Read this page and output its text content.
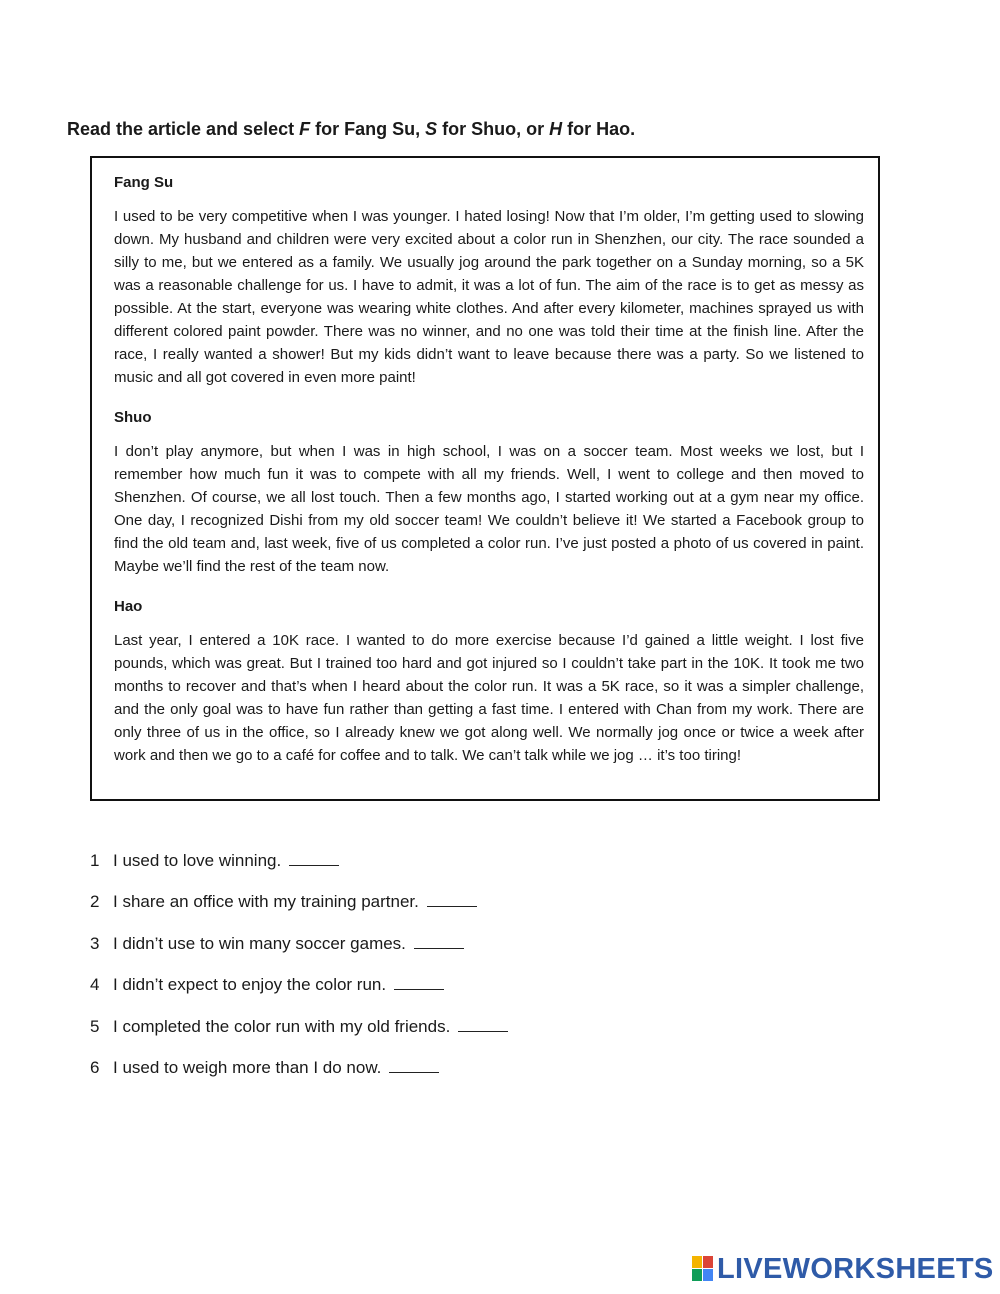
Read the article and select F for Fang Su, S for Shuo, or H for Hao.

Fang Su

I used to be very competitive when I was younger. I hated losing! Now that I’m older, I’m getting used to slowing down. My husband and children were very excited about a color run in Shenzhen, our city. The race sounded a silly to me, but we entered as a family. We usually jog around the park together on a Sunday morning, so a 5K was a reasonable challenge for us. I have to admit, it was a lot of fun. The aim of the race is to get as messy as possible. At the start, everyone was wearing white clothes. And after every kilometer, machines sprayed us with different colored paint powder. There was no winner, and no one was told their time at the finish line. After the race, I really wanted a shower! But my kids didn’t want to leave because there was a party. So we listened to music and all got covered in even more paint!

Shuo

I don’t play anymore, but when I was in high school, I was on a soccer team. Most weeks we lost, but I remember how much fun it was to compete with all my friends. Well, I went to college and then moved to Shenzhen. Of course, we all lost touch. Then a few months ago, I started working out at a gym near my office. One day, I recognized Dishi from my old soccer team! We couldn’t believe it! We started a Facebook group to find the old team and, last week, five of us completed a color run. I’ve just posted a photo of us covered in paint. Maybe we’ll find the rest of the team now.

Hao

Last year, I entered a 10K race. I wanted to do more exercise because I’d gained a little weight. I lost five pounds, which was great. But I trained too hard and got injured so I couldn’t take part in the 10K. It took me two months to recover and that’s when I heard about the color run. It was a 5K race, so it was a simpler challenge, and the only goal was to have fun rather than getting a fast time. I entered with Chan from my work. There are only three of us in the office, so I already knew we got along well. We normally jog once or twice a week after work and then we go to a café for coffee and to talk. We can’t talk while we jog … it’s too tiring!

1 I used to love winning.
2 I share an office with my training partner.
3 I didn’t use to win many soccer games.
4 I didn’t expect to enjoy the color run.
5 I completed the color run with my old friends.
6 I used to weigh more than I do now.
LIVEWORKSHEETS
